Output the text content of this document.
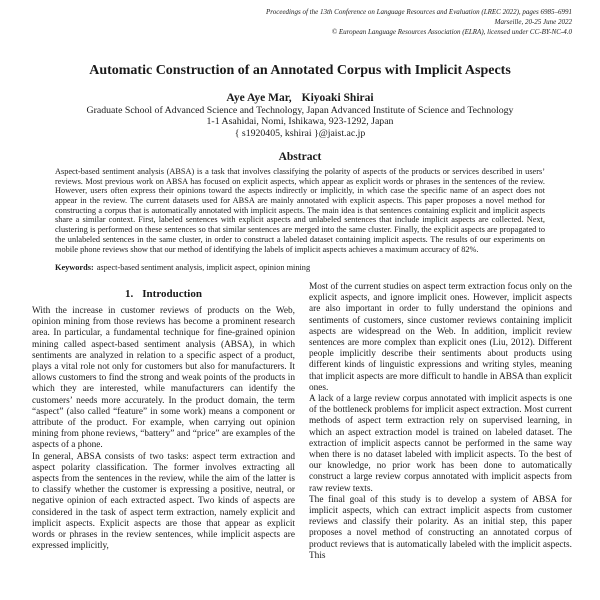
Proceedings of the 13th Conference on Language Resources and Evaluation (LREC 2022), pages 6985–6991
Marseille, 20-25 June 2022
© European Language Resources Association (ELRA), licensed under CC-BY-NC-4.0
Automatic Construction of an Annotated Corpus with Implicit Aspects
Aye Aye Mar, Kiyoaki Shirai
Graduate School of Advanced Science and Technology, Japan Advanced Institute of Science and Technology
1-1 Asahidai, Nomi, Ishikawa, 923-1292, Japan
{ s1920405, kshirai }@jaist.ac.jp
Abstract
Aspect-based sentiment analysis (ABSA) is a task that involves classifying the polarity of aspects of the products or services described in users’ reviews. Most previous work on ABSA has focused on explicit aspects, which appear as explicit words or phrases in the sentences of the review. However, users often express their opinions toward the aspects indirectly or implicitly, in which case the specific name of an aspect does not appear in the review. The current datasets used for ABSA are mainly annotated with explicit aspects. This paper proposes a novel method for constructing a corpus that is automatically annotated with implicit aspects. The main idea is that sentences containing explicit and implicit aspects share a similar context. First, labeled sentences with explicit aspects and unlabeled sentences that include implicit aspects are collected. Next, clustering is performed on these sentences so that similar sentences are merged into the same cluster. Finally, the explicit aspects are propagated to the unlabeled sentences in the same cluster, in order to construct a labeled dataset containing implicit aspects. The results of our experiments on mobile phone reviews show that our method of identifying the labels of implicit aspects achieves a maximum accuracy of 82%.
Keywords: aspect-based sentiment analysis, implicit aspect, opinion mining
1. Introduction

With the increase in customer reviews of products on the Web, opinion mining from those reviews has become a prominent research area. In particular, a fundamental technique for fine-grained opinion mining called aspect-based sentiment analysis (ABSA), in which sentiments are analyzed in relation to a specific aspect of a product, plays a vital role not only for customers but also for manufacturers. It allows customers to find the strong and weak points of the products in which they are interested, while manufacturers can identify the customers’ needs more accurately. In the product domain, the term “aspect” (also called “feature” in some work) means a component or attribute of the product. For example, when carrying out opinion mining from phone reviews, “battery” and “price” are examples of the aspects of a phone.

In general, ABSA consists of two tasks: aspect term extraction and aspect polarity classification. The former involves extracting all aspects from the sentences in the review, while the aim of the latter is to classify whether the customer is expressing a positive, neutral, or negative opinion of each extracted aspect. Two kinds of aspects are considered in the task of aspect term extraction, namely explicit and implicit aspects. Explicit aspects are those that appear as explicit words or phrases in the review sentences, while implicit aspects are expressed implicitly,

Most of the current studies on aspect term extraction focus only on the explicit aspects, and ignore implicit ones. However, implicit aspects are also important in order to fully understand the opinions and sentiments of customers, since customer reviews containing implicit aspects are widespread on the Web. In addition, implicit review sentences are more complex than explicit ones (Liu, 2012). Different people implicitly describe their sentiments about products using different kinds of linguistic expressions and writing styles, meaning that implicit aspects are more difficult to handle in ABSA than explicit ones.

A lack of a large review corpus annotated with implicit aspects is one of the bottleneck problems for implicit aspect extraction. Most current methods of aspect term extraction rely on supervised learning, in which an aspect extraction model is trained on labeled dataset. The extraction of implicit aspects cannot be performed in the same way when there is no dataset labeled with implicit aspects. To the best of our knowledge, no prior work has been done to automatically construct a large review corpus annotated with implicit aspects from raw review texts.

The final goal of this study is to develop a system of ABSA for implicit aspects, which can extract implicit aspects from customer reviews and classify their polarity. As an initial step, this paper proposes a novel method of constructing an annotated corpus of product reviews that is automatically labeled with the implicit aspects. This
